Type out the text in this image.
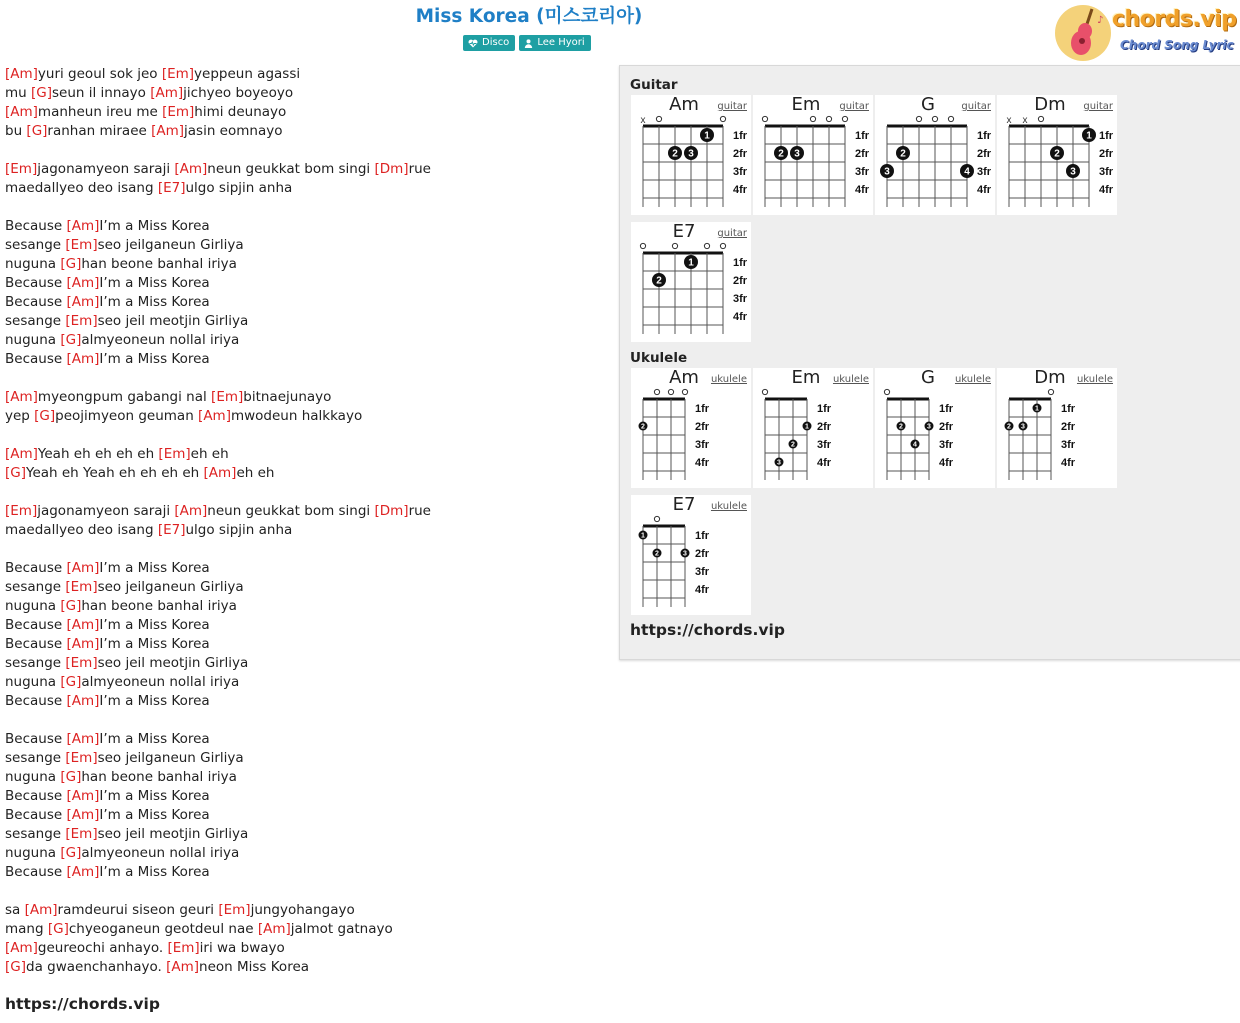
Miss Korea (미스코리아)
Disco	Lee Hyori
♪ chords.vip
Chord Song Lyric
[Am]yuri geoul sok jeo [Em]yeppeun agassi
mu [G]seun il innayo [Am]jichyeo boyeoyo
[Am]manheun ireu me [Em]himi deunayo
bu [G]ranhan miraee [Am]jasin eomnayo
[Em]jagonamyeon saraji [Am]neun geukkat bom singi [Dm]rue
maedallyeo deo isang [E7]ulgo sipjin anha
Because [Am]I’m a Miss Korea
sesange [Em]seo jeilganeun Girliya
nuguna [G]han beone banhal iriya
Because [Am]I’m a Miss Korea
Because [Am]I’m a Miss Korea
sesange [Em]seo jeil meotjin Girliya
nuguna [G]almyeoneun nollal iriya
Because [Am]I’m a Miss Korea
[Am]myeongpum gabangi nal [Em]bitnaejunayo
yep [G]peojimyeon geuman [Am]mwodeun halkkayo
[Am]Yeah eh eh eh eh [Em]eh eh
[G]Yeah eh Yeah eh eh eh eh [Am]eh eh
[Em]jagonamyeon saraji [Am]neun geukkat bom singi [Dm]rue
maedallyeo deo isang [E7]ulgo sipjin anha
Because [Am]I’m a Miss Korea
sesange [Em]seo jeilganeun Girliya
nuguna [G]han beone banhal iriya
Because [Am]I’m a Miss Korea
Because [Am]I’m a Miss Korea
sesange [Em]seo jeil meotjin Girliya
nuguna [G]almyeoneun nollal iriya
Because [Am]I’m a Miss Korea
Because [Am]I’m a Miss Korea
sesange [Em]seo jeilganeun Girliya
nuguna [G]han beone banhal iriya
Because [Am]I’m a Miss Korea
Because [Am]I’m a Miss Korea
sesange [Em]seo jeil meotjin Girliya
nuguna [G]almyeoneun nollal iriya
Because [Am]I’m a Miss Korea
sa [Am]ramdeurui siseon geuri [Em]jungyohangayo
mang [G]chyeoganeun geotdeul nae [Am]jalmot gatnayo
[Am]geureochi anhayo. [Em]iri wa bwayo
[G]da gwaenchanhayo. [Am]neon Miss Korea
https://chords.vip
Guitar
1fr
2fr
3fr
4fr
x
1
2 3
Am	guitar
1fr
2fr
3fr
4fr
2 3
Em	guitar
1fr
2fr
3fr
4fr
2
3	4
G	guitar
1fr
2fr
3fr
4fr
x x
1
2
3
Dm	guitar
1fr
2fr
3fr
4fr
1
2
E7	guitar
Ukulele
1fr
2fr
3fr
4fr
2
Am	ukulele
1fr
2fr
3fr
4fr
1
2
3
Em	ukulele
1fr
2fr
3fr
4fr
2	3
4
G	ukulele
1fr
2fr
3fr
4fr
1
2 3
Dm	ukulele
1fr
2fr
3fr
4fr
1
2	3
E7	ukulele
https://chords.vip
